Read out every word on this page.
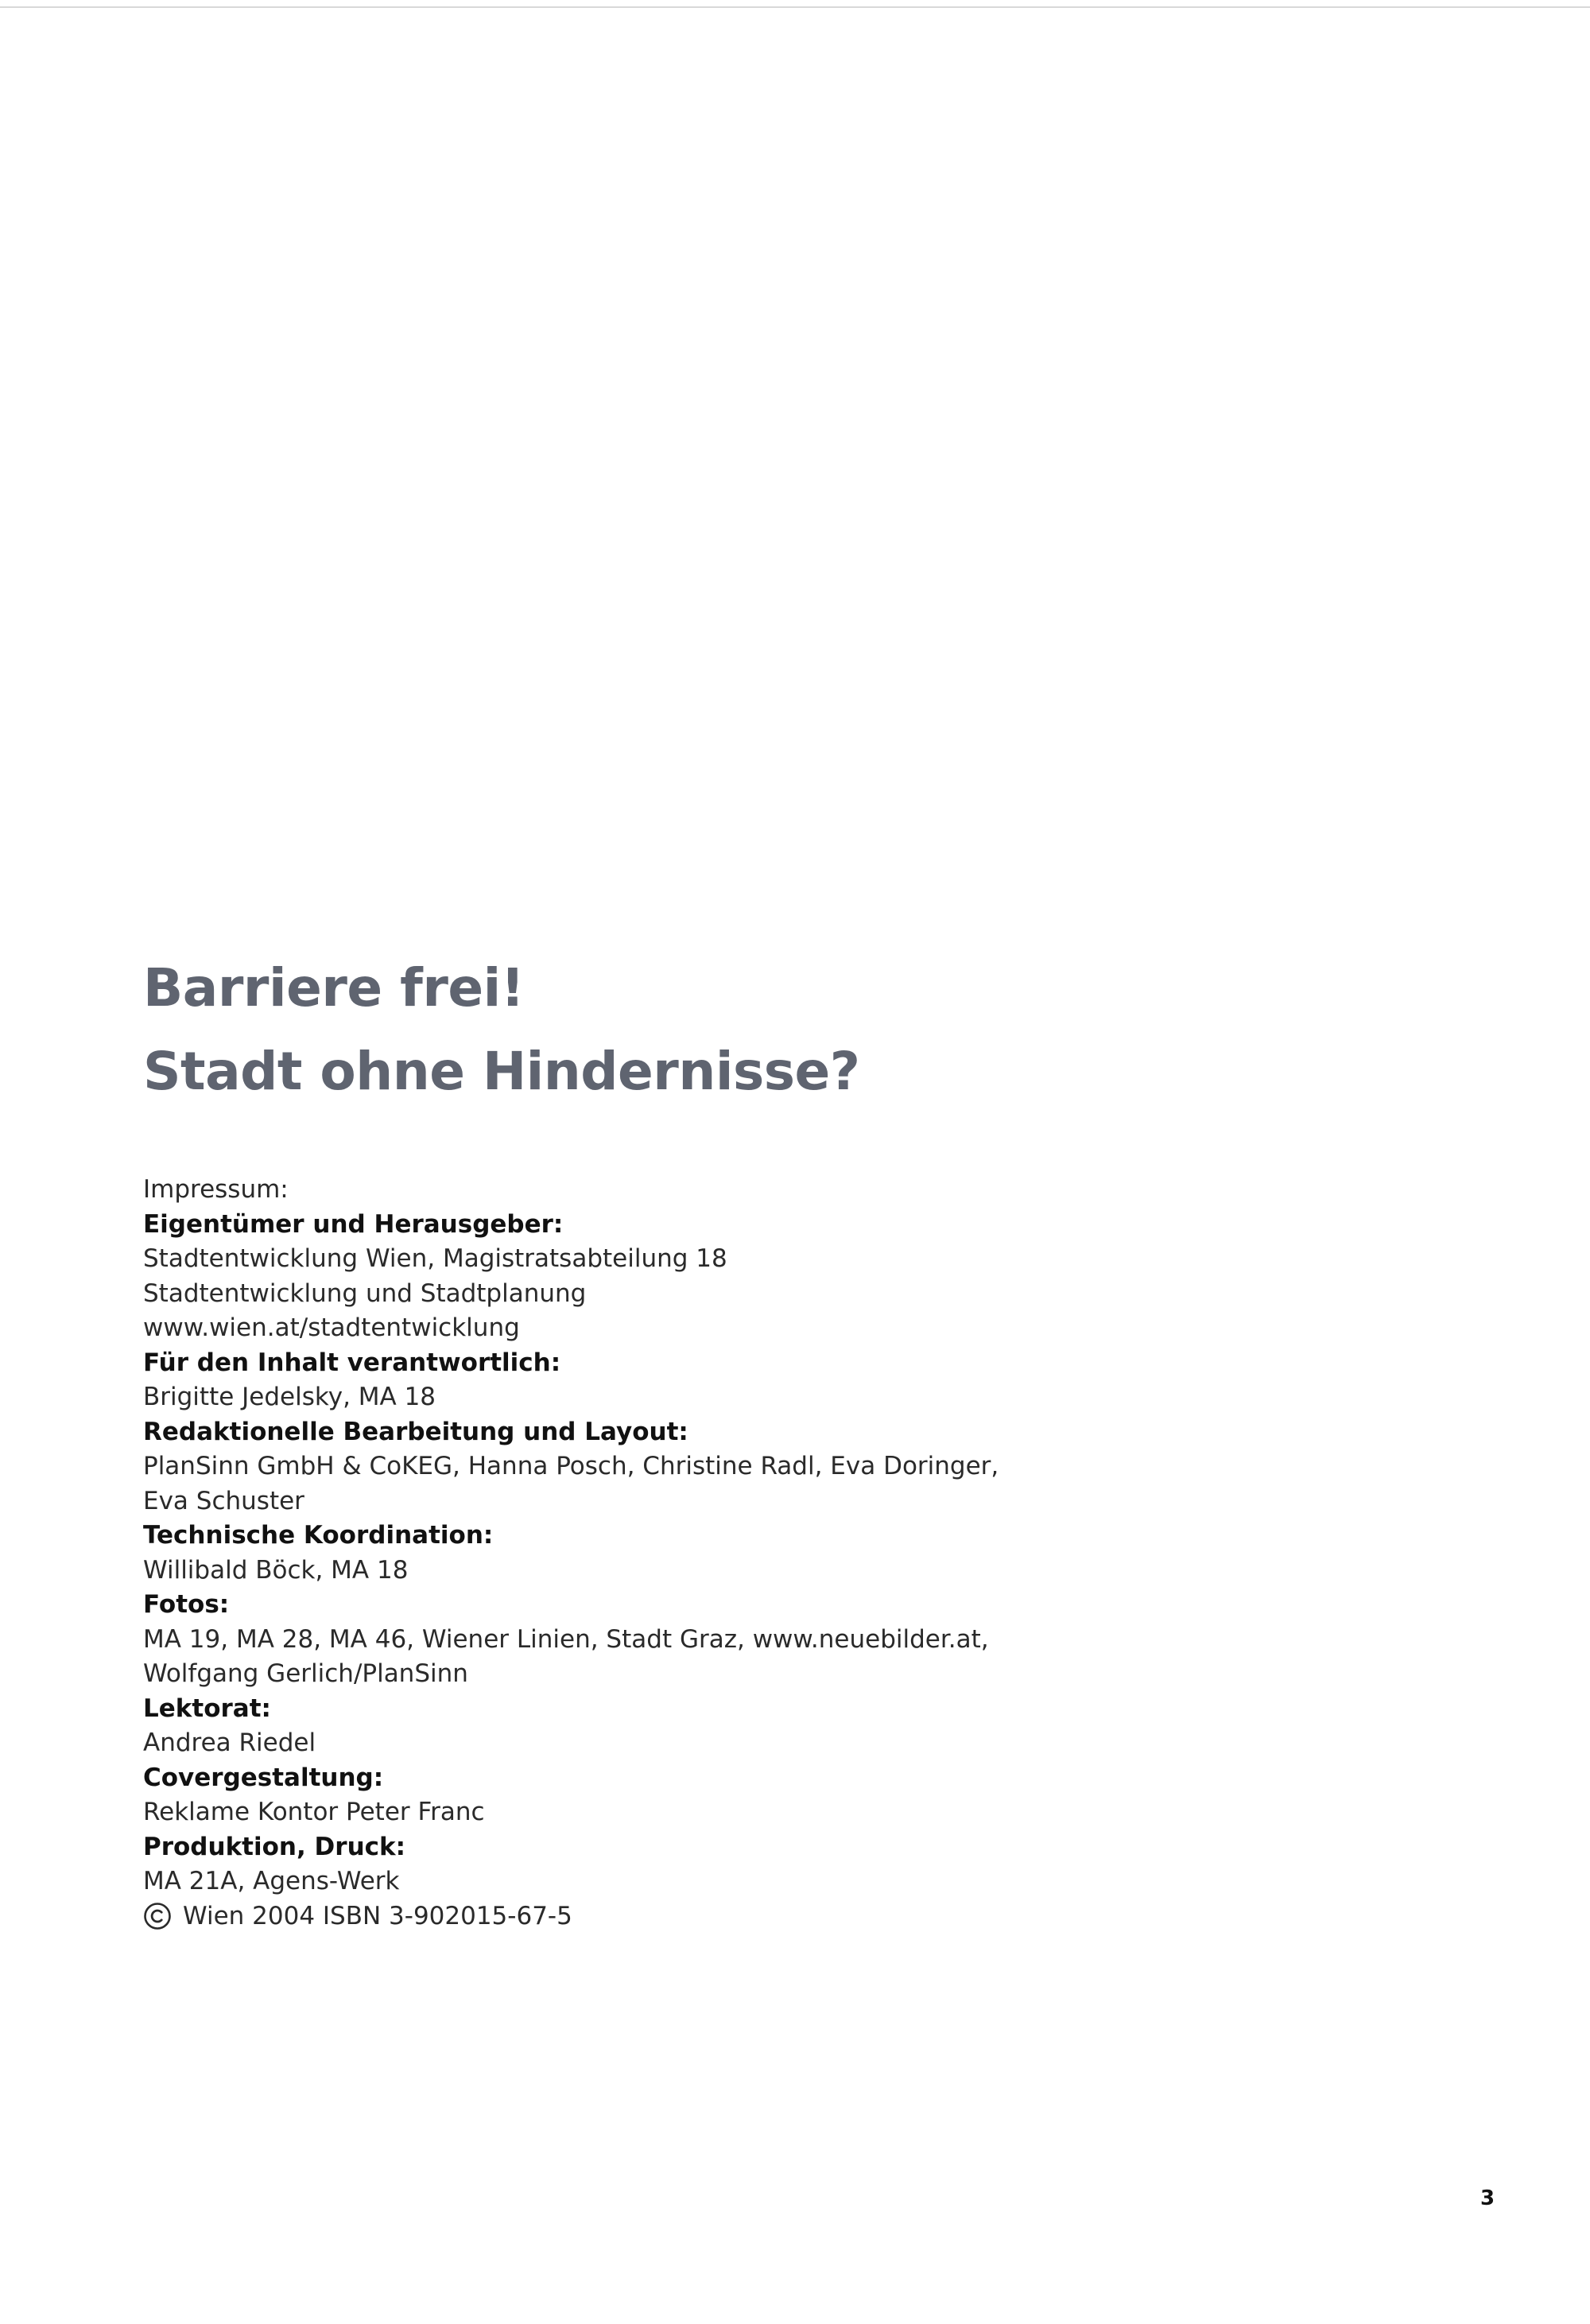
Barriere frei!
Stadt ohne Hindernisse?
Impressum:
Eigentümer und Herausgeber:
Stadtentwicklung Wien, Magistratsabteilung 18
Stadtentwicklung und Stadtplanung
www.wien.at/stadtentwicklung
Für den Inhalt verantwortlich:
Brigitte Jedelsky, MA 18
Redaktionelle Bearbeitung und Layout:
PlanSinn GmbH & CoKEG, Hanna Posch, Christine Radl, Eva Doringer,
Eva Schuster
Technische Koordination:
Willibald Böck, MA 18
Fotos:
MA 19, MA 28, MA 46, Wiener Linien, Stadt Graz, www.neuebilder.at,
Wolfgang Gerlich/PlanSinn
Lektorat:
Andrea Riedel
Covergestaltung:
Reklame Kontor Peter Franc
Produktion, Druck:
MA 21A, Agens-Werk
Wien 2004 ISBN 3-902015-67-5
3
